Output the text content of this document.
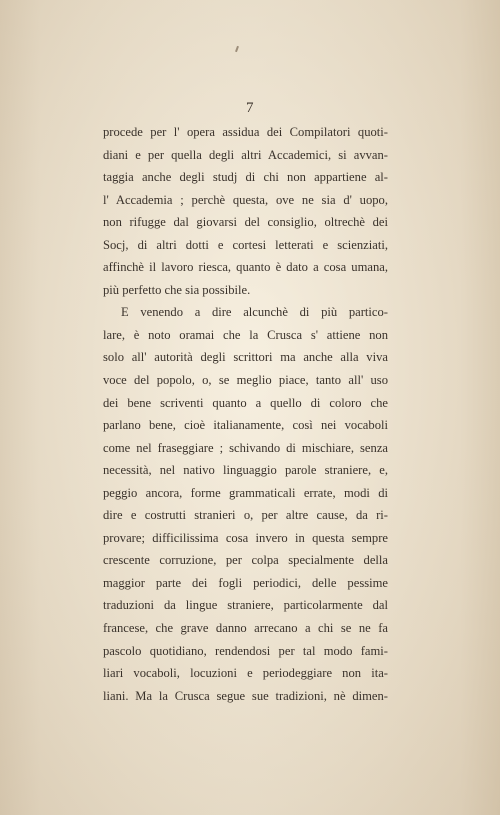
7
procede per l' opera assidua dei Compilatori quoti-
diani e per quella degli altri Accademici, si avvan-
taggia anche degli studj di chi non appartiene al-
l' Accademia ; perchè questa, ove ne sia d' uopo,
non rifugge dal giovarsi del consiglio, oltrechè dei
Socj, di altri dotti e cortesi letterati e scienziati,
affinchè il lavoro riesca, quanto è dato a cosa umana,
più perfetto che sia possibile.
E venendo a dire alcunchè di più partico-
lare, è noto oramai che la Crusca s' attiene non
solo all' autorità degli scrittori ma anche alla viva
voce del popolo, o, se meglio piace, tanto all' uso
dei bene scriventi quanto a quello di coloro che
parlano bene, cioè italianamente, così nei vocaboli
come nel fraseggiare ; schivando di mischiare, senza
necessità, nel nativo linguaggio parole straniere, e,
peggio ancora, forme grammaticali errate, modi di
dire e costrutti stranieri o, per altre cause, da ri-
provare; difficilissima cosa invero in questa sempre
crescente corruzione, per colpa specialmente della
maggior parte dei fogli periodici, delle pessime
traduzioni da lingue straniere, particolarmente dal
francese, che grave danno arrecano a chi se ne fa
pascolo quotidiano, rendendosi per tal modo fami-
liari vocaboli, locuzioni e periodeggiare non ita-
liani. Ma la Crusca segue sue tradizioni, nè dimen-
